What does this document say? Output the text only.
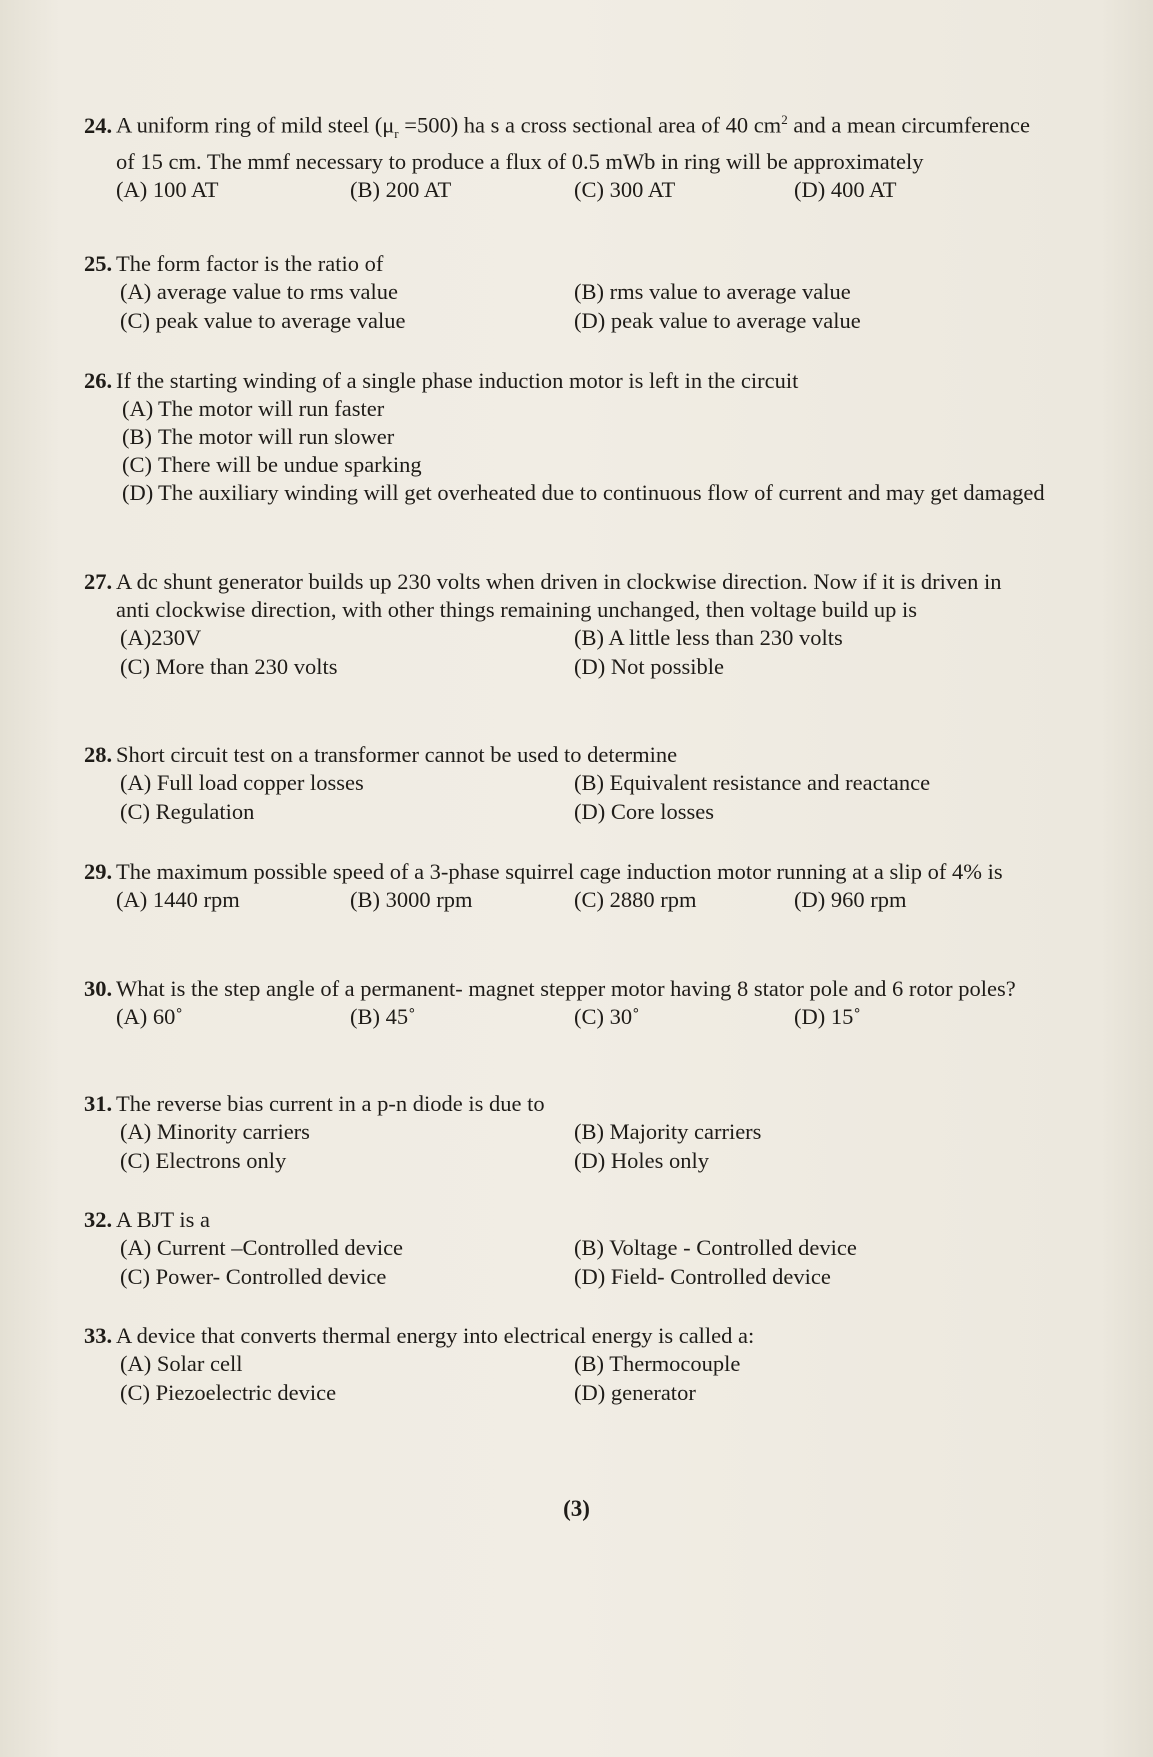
24. A uniform ring of mild steel $(\mu_r =500)$ ha s a cross sectional area of 40 $cm^2$ and a mean circumference of 15 cm. The mmf necessary to produce a flux of 0.5 mWb in ring will be approximately
(A) 100 AT	(B) 200 AT	(C) 300 AT	(D) 400 AT
25. The form factor is the ratio of
(A) average value to rms value	(B) rms value to average value
(C) peak value to average value	(D) peak value to average value
26. If the starting winding of a single phase induction motor is left in the circuit
(A) The motor will run faster
(B) The motor will run slower
(C) There will be undue sparking
(D) The auxiliary winding will get overheated due to continuous flow of current and may get damaged
27. A dc shunt generator builds up 230 volts when driven in clockwise direction. Now if it is driven in anti clockwise direction, with other things remaining unchanged, then voltage build up is
(A)230V	(B) A little less than 230 volts
(C) More than 230 volts	(D) Not possible
28. Short circuit test on a transformer cannot be used to determine
(A) Full load copper losses	(B) Equivalent resistance and reactance
(C) Regulation	(D) Core losses
29. The maximum possible speed of a 3-phase squirrel cage induction motor running at a slip of 4% is
(A) 1440 rpm	(B) 3000 rpm	(C) 2880 rpm	(D) 960 rpm
30. What is the step angle of a permanent- magnet stepper motor having 8 stator pole and 6 rotor poles?
(A) 60˚	(B) 45˚	(C) 30˚	(D) 15˚
31. The reverse bias current in a p-n diode is due to
(A) Minority carriers	(B) Majority carriers
(C) Electrons only	(D) Holes only
32. A BJT is a
(A) Current –Controlled device	(B) Voltage - Controlled device
(C) Power- Controlled device	(D) Field- Controlled device
33. A device that converts thermal energy into electrical energy is called a:
(A) Solar cell	(B) Thermocouple
(C) Piezoelectric device	(D) generator
(3)
